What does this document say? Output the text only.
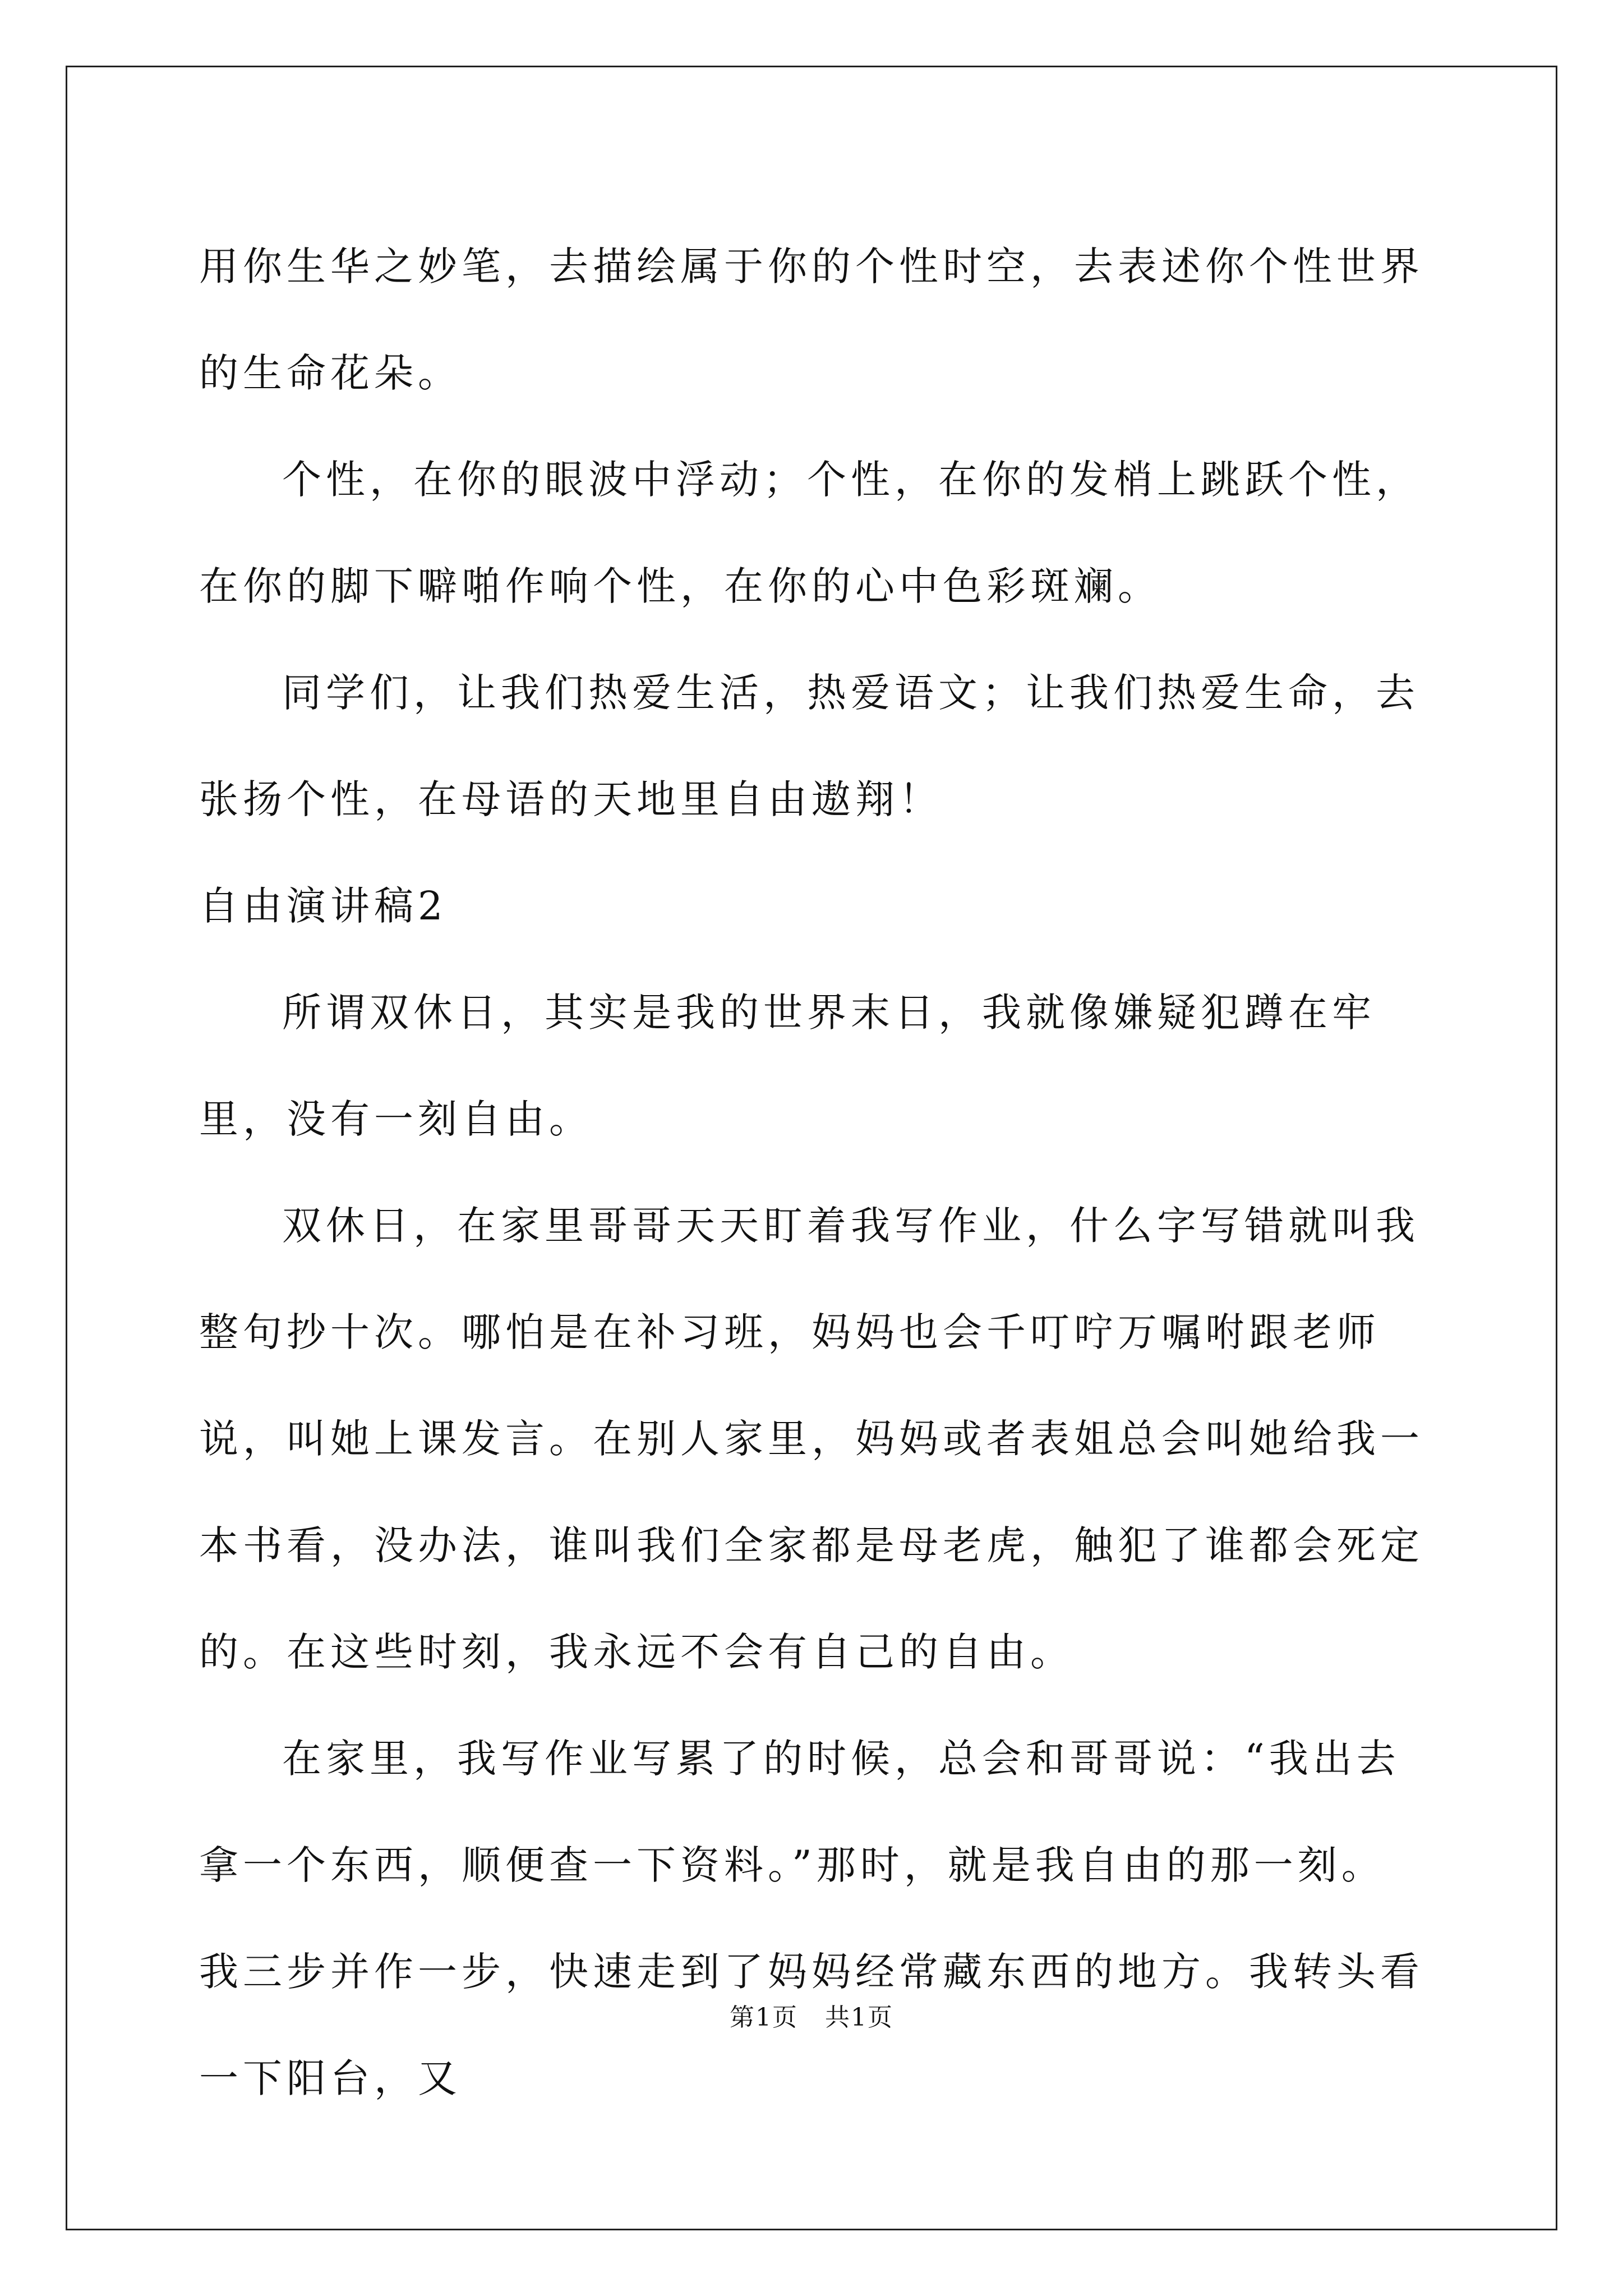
用你生华之妙笔，去描绘属于你的个性时空，去表述你个性世界的生命花朵。

个性，在你的眼波中浮动；个性，在你的发梢上跳跃个性，在你的脚下噼啪作响个性，在你的心中色彩斑斓。

同学们，让我们热爱生活，热爱语文；让我们热爱生命，去张扬个性，在母语的天地里自由遨翔！

自由演讲稿2

所谓双休日，其实是我的世界末日，我就像嫌疑犯蹲在牢里，没有一刻自由。

双休日，在家里哥哥天天盯着我写作业，什么字写错就叫我整句抄十次。哪怕是在补习班，妈妈也会千叮咛万嘱咐跟老师说，叫她上课发言。在别人家里，妈妈或者表姐总会叫她给我一本书看，没办法，谁叫我们全家都是母老虎，触犯了谁都会死定的。在这些时刻，我永远不会有自己的自由。

在家里，我写作业写累了的时候，总会和哥哥说：“我出去拿一个东西，顺便查一下资料。”那时，就是我自由的那一刻。我三步并作一步，快速走到了妈妈经常藏东西的地方。我转头看一下阳台，又

第1页 共1页
